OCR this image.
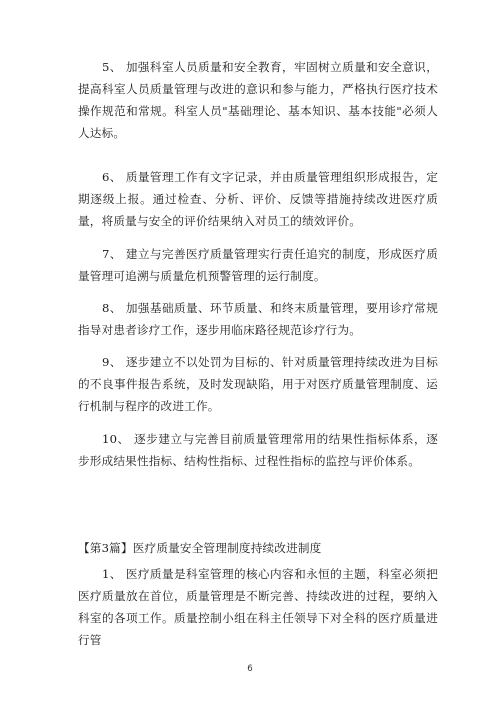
5、 加强科室人员质量和安全教育，牢固树立质量和安全意识，提高科室人员质量管理与改进的意识和参与能力，严格执行医疗技术操作规范和常规。科室人员"基础理论、基本知识、基本技能"必须人人达标。

6、 质量管理工作有文字记录，并由质量管理组织形成报告，定期逐级上报。通过检查、分析、评价、反馈等措施持续改进医疗质量，将质量与安全的评价结果纳入对员工的绩效评价。

7、 建立与完善医疗质量管理实行责任追究的制度，形成医疗质量管理可追溯与质量危机预警管理的运行制度。

8、 加强基础质量、环节质量、和终末质量管理，要用诊疗常规指导对患者诊疗工作，逐步用临床路径规范诊疗行为。

9、 逐步建立不以处罚为目标的、针对质量管理持续改进为目标的不良事件报告系统，及时发现缺陷，用于对医疗质量管理制度、运行机制与程序的改进工作。

10、 逐步建立与完善目前质量管理常用的结果性指标体系，逐步形成结果性指标、结构性指标、过程性指标的监控与评价体系。

【第3篇】医疗质量安全管理制度持续改进制度

1、 医疗质量是科室管理的核心内容和永恒的主题，科室必须把医疗质量放在首位，质量管理是不断完善、持续改进的过程，要纳入科室的各项工作。质量控制小组在科主任领导下对全科的医疗质量进行管

6
